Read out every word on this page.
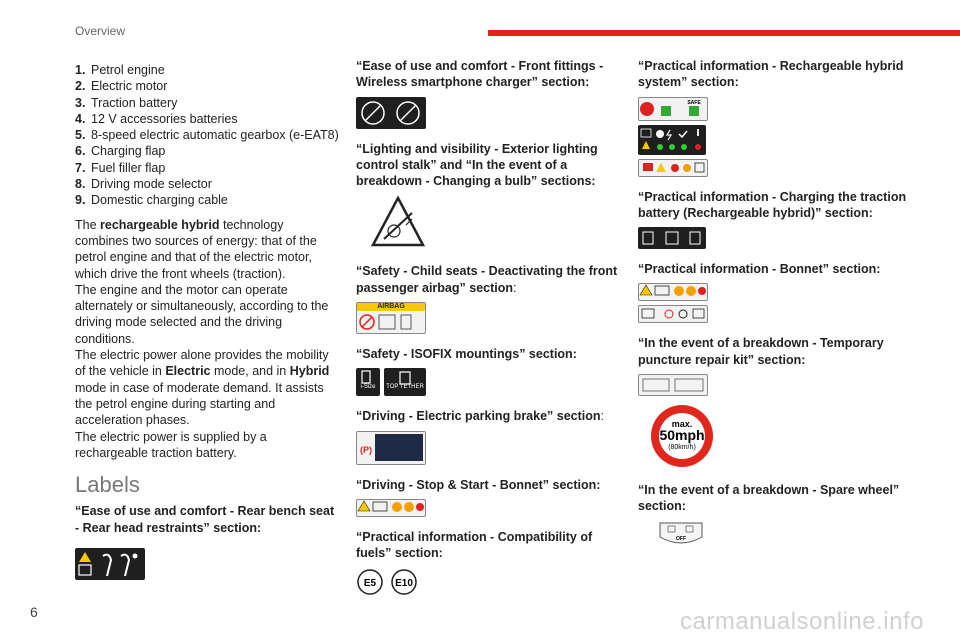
Overview
1. Petrol engine
2. Electric motor
3. Traction battery
4. 12 V accessories batteries
5. 8-speed electric automatic gearbox (e-EAT8)
6. Charging flap
7. Fuel filler flap
8. Driving mode selector
9. Domestic charging cable

The rechargeable hybrid technology combines two sources of energy: that of the petrol engine and that of the electric motor, which drive the front wheels (traction).

The engine and the motor can operate alternately or simultaneously, according to the driving mode selected and the driving conditions.

The electric power alone provides the mobility of the vehicle in Electric mode, and in Hybrid mode in case of moderate demand. It assists the petrol engine during starting and acceleration phases.

The electric power is supplied by a rechargeable traction battery.

Labels

“Ease of use and comfort - Rear bench seat - Rear head restraints” section:

“Ease of use and comfort - Front fittings - Wireless smartphone charger” section:

“Lighting and visibility - Exterior lighting control stalk” and “In the event of a breakdown - Changing a bulb” sections:

“Safety - Child seats - Deactivating the front passenger airbag” section:

AIRBAG

“Safety - ISOFIX mountings” section:

i-Size	TOP TETHER

“Driving - Electric parking brake” section:

(P)

“Driving - Stop & Start - Bonnet” section:

“Practical information - Compatibility of fuels” section:

E5 E10

“Practical information - Rechargeable hybrid system” section:

SAFE

“Practical information - Charging the traction battery (Rechargeable hybrid)” section:

“Practical information - Bonnet” section:

“In the event of a breakdown - Temporary puncture repair kit” section:

max.
50mph
(80km/h)

“In the event of a breakdown - Spare wheel” section:

OFF
6	carmanualsonline.info
